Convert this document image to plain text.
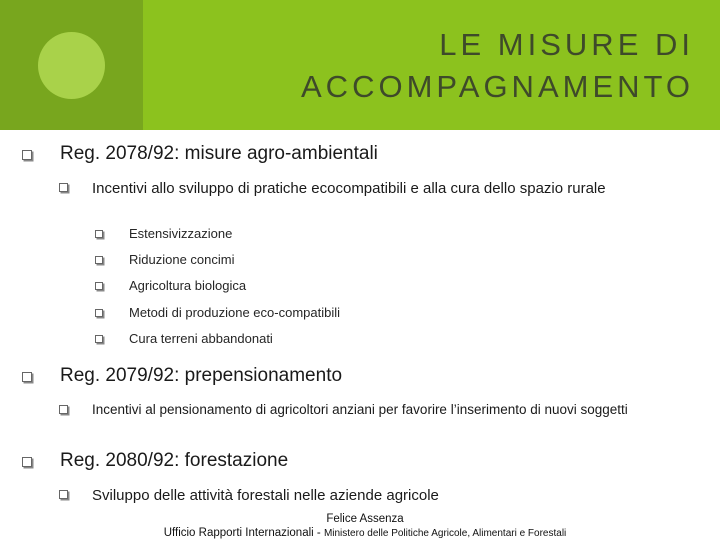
LE MISURE DI
ACCOMPAGNAMENTO
Reg. 2078/92: misure agro-ambientali
Incentivi allo sviluppo di pratiche ecocompatibili e alla cura dello spazio rurale
Estensivizzazione
Riduzione concimi
Agricoltura biologica
Metodi di produzione eco-compatibili
Cura terreni abbandonati
Reg. 2079/92: prepensionamento
Incentivi al pensionamento di agricoltori anziani per favorire l’inserimento di nuovi soggetti
Reg. 2080/92: forestazione
Sviluppo delle attività forestali nelle aziende agricole
Felice Assenza
Ufficio Rapporti Internazionali - Ministero delle Politiche Agricole, Alimentari e Forestali
